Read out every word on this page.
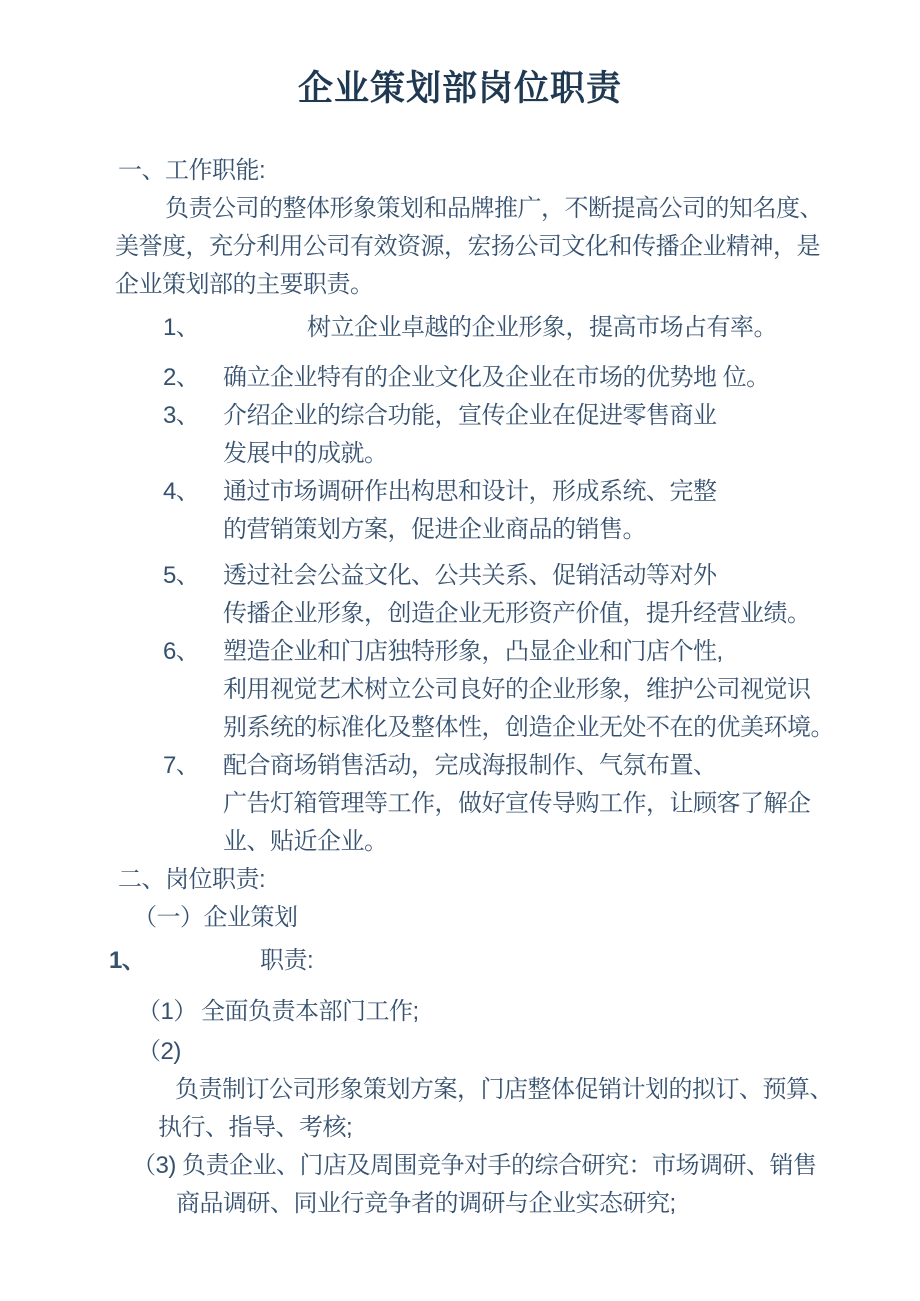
企业策划部岗位职责
一、 工作职能:
负责公司的整体形象策划和品牌推广，不断提高公司的知名度、
美誉度，充分利用公司有效资源，宏扬公司文化和传播企业精神，是
企业策划部的主要职责。
1、	树立企业卓越的企业形象，提高市场占有率。
2、 确立企业特有的企业文化及企业在市场的优势地 位。
3、 介绍企业的综合功能，宣传企业在促进零售商业
发展中的成就。
4、 通过市场调研作出构思和设计，形成系统、完整
的营销策划方案，促进企业商品的销售。
5、 透过社会公益文化、公共关系、促销活动等对外
传播企业形象，创造企业无形资产价值，提升经营业绩。
6、 塑造企业和门店独特形象，凸显企业和门店个性,
利用视觉艺术树立公司良好的企业形象，维护公司视觉识
别系统的标准化及整体性，创造企业无处不在的优美环境。
7、 配合商场销售活动，完成海报制作、气氛布置、
广告灯箱管理等工作，做好宣传导购工作，让顾客了解企
业、贴近企业。
二、 岗位职责:
（一）企业策划
1、	职责:
（1） 全面负责本部门工作;
（2)
负责制订公司形象策划方案，门店整体促销计划的拟订、预算、
执行、指导、考核;
（3) 负责企业、门店及周围竞争对手的综合研究：市场调研、销售
商品调研、同业行竞争者的调研与企业实态研究;
